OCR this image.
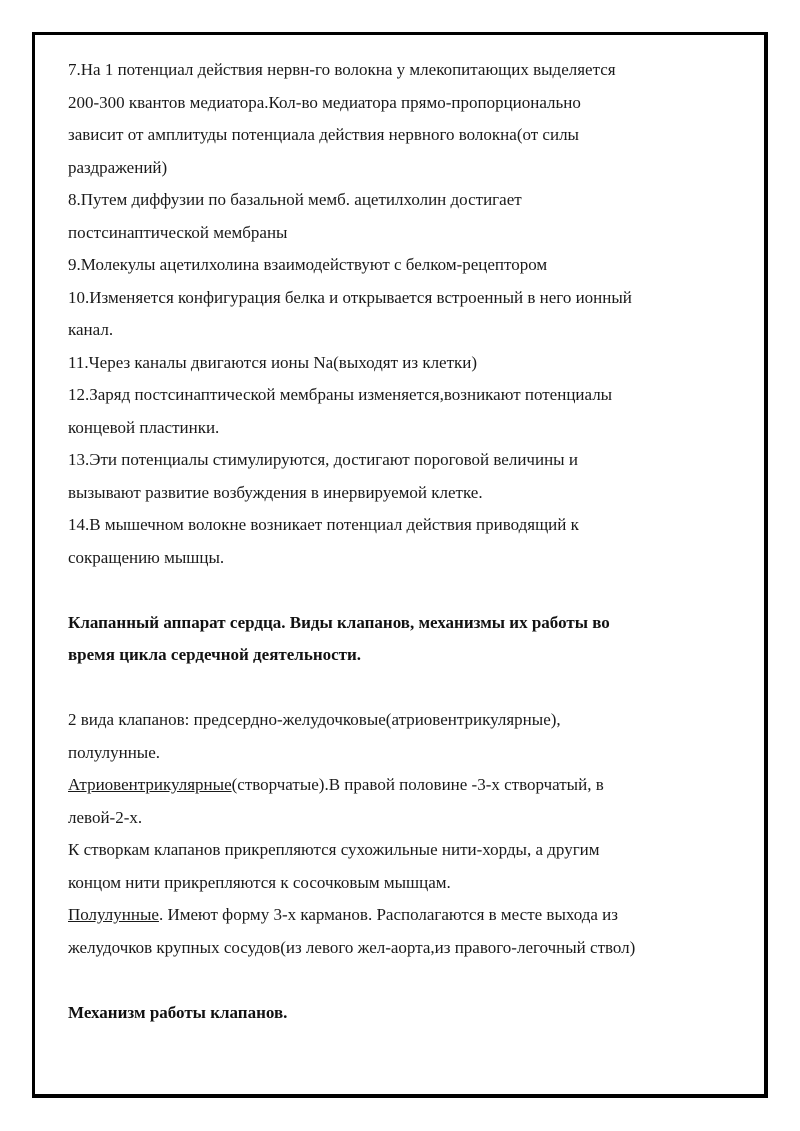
7.На 1 потенциал действия нервн-го волокна у млекопитающих выделяется
200-300 квантов медиатора.Кол-во медиатора прямо-пропорционально
зависит от амплитуды потенциала действия нервного волокна(от силы
раздражений)
8.Путем диффузии по базальной мемб. ацетилхолин достигает
постсинаптической мембраны
9.Молекулы ацетилхолина взаимодействуют с белком-рецептором
10.Изменяется конфигурация белка и открывается встроенный в него ионный
канал.
11.Через каналы двигаются ионы Na(выходят из клетки)
12.Заряд постсинаптической мембраны изменяется,возникают потенциалы
концевой пластинки.
13.Эти потенциалы стимулируются, достигают пороговой величины и
вызывают развитие возбуждения в инервируемой клетке.
14.В мышечном волокне возникает потенциал действия приводящий к
сокращению мышцы.
Клапанный аппарат сердца. Виды клапанов, механизмы их работы во
время цикла сердечной деятельности.
2 вида клапанов: предсердно-желудочковые(атриовентрикулярные),
полулунные.
Атриовентрикулярные(створчатые).В правой половине -3-х створчатый, в
левой-2-х.
К створкам клапанов прикрепляются сухожильные нити-хорды, а другим
концом нити прикрепляются к сосочковым мышцам.
Полулунные. Имеют форму 3-х карманов. Располагаются в месте выхода из
желудочков крупных сосудов(из левого жел-аорта,из правого-легочный ствол)
Механизм работы клапанов.
